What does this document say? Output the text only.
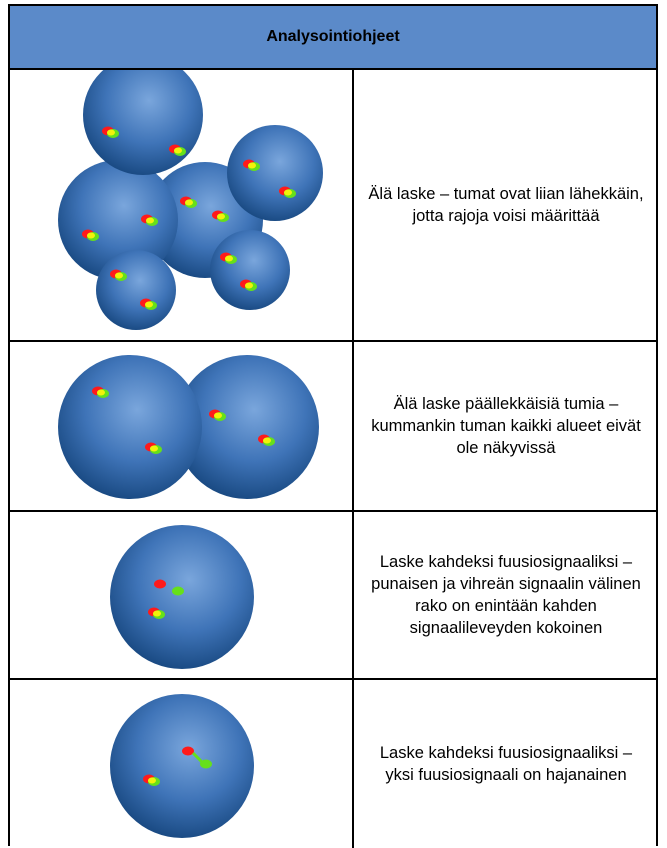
Analysointiohjeet

Älä laske – tumat ovat liian lähekkäin, jotta rajoja voisi määrittää

Älä laske päällekkäisiä tumia – kummankin tuman kaikki alueet eivät ole näkyvissä

Laske kahdeksi fuusiosignaaliksi – punaisen ja vihreän signaalin välinen rako on enintään kahden signaalileveyden kokoinen

Laske kahdeksi fuusiosignaaliksi – yksi fuusiosignaali on hajanainen
